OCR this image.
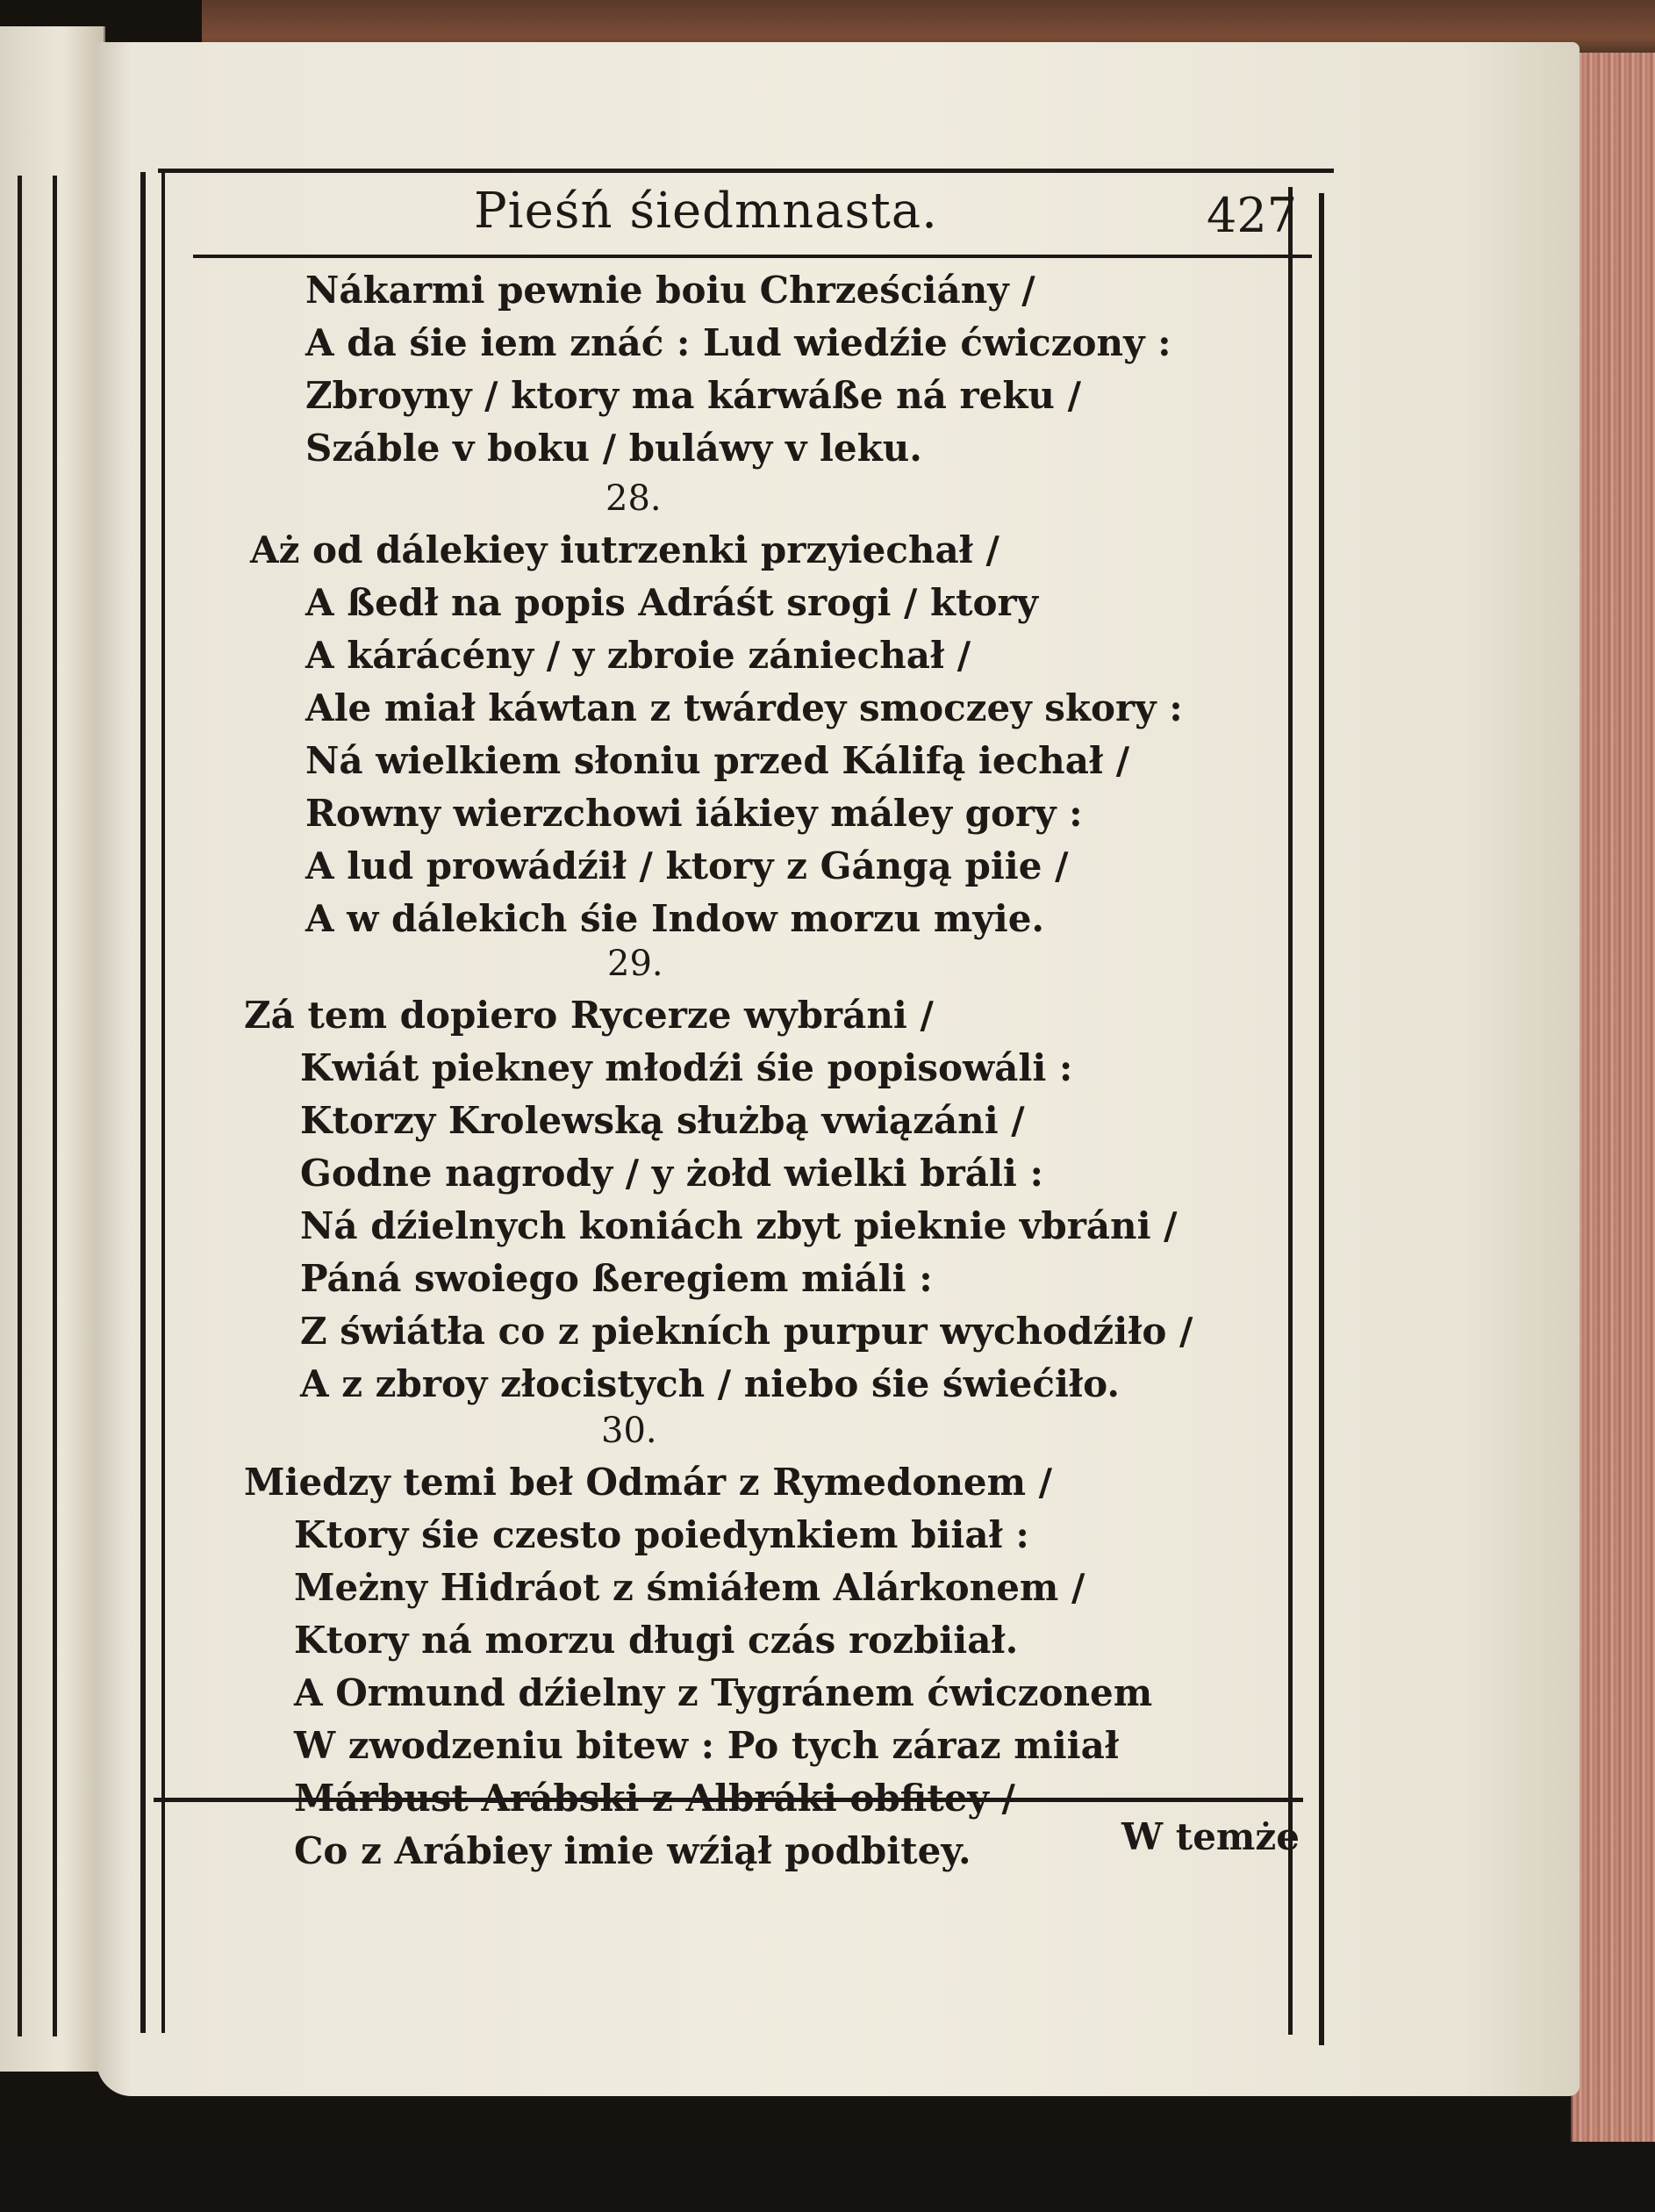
Pieśń śiedmnasta.	427
Nákarmi pewnie boiu Chrześciány /
A da śie iem znáć : Lud wiedźie ćwiczony :
Zbroyny / ktory ma kárwáße ná reku /
Száble v boku / buláwy v leku.
28.
Aż od dálekiey iutrzenki przyiechał /
A ßedł na popis Adráśt srogi / ktory
A kárácény / y zbroie zániechał /
Ale miał káwtan z twárdey smoczey skory :
Ná wielkiem słoniu przed Kálifą iechał /
Rowny wierzchowi iákiey máley gory :
A lud prowádźił / ktory z Gángą piie /
A w dálekich śie Indow morzu myie.
29.
Zá tem dopiero Rycerze wybráni /
Kwiát piekney młodźi śie popisowáli :
Ktorzy Krolewską służbą vwiązáni /
Godne nagrody / y żołd wielki bráli :
Ná dźielnych koniách zbyt pieknie vbráni /
Páná swoiego ßeregiem miáli :
Z świátła co z piekních purpur wychodźiło /
A z zbroy złocistych / niebo śie świećiło.
30.
Miedzy temi beł Odmár z Rymedonem /
Ktory śie czesto poiedynkiem biiał :
Meżny Hidráot z śmiáłem Alárkonem /
Ktory ná morzu długi czás rozbiiał.
A Ormund dźielny z Tygránem ćwiczonem
W zwodzeniu bitew : Po tych záraz miiał
Márbust Arábski z Albráki obfitey /
Co z Arábiey imie wźiął podbitey.	W temże
